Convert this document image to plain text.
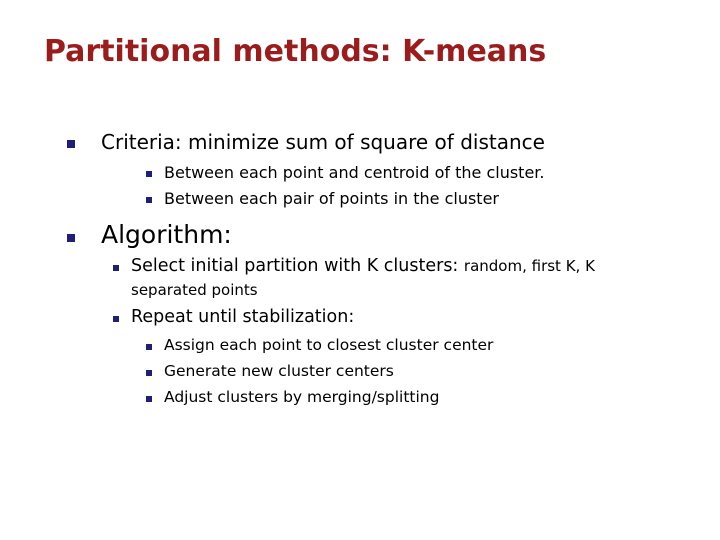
Partitional methods: K-means
Criteria: minimize sum of square of distance
Between each point and centroid of the cluster.
Between each pair of points in the cluster
Algorithm:
Select initial partition with K clusters: random, first K, K
separated points
Repeat until stabilization:
Assign each point to closest cluster center
Generate new cluster centers
Adjust clusters by merging/splitting
